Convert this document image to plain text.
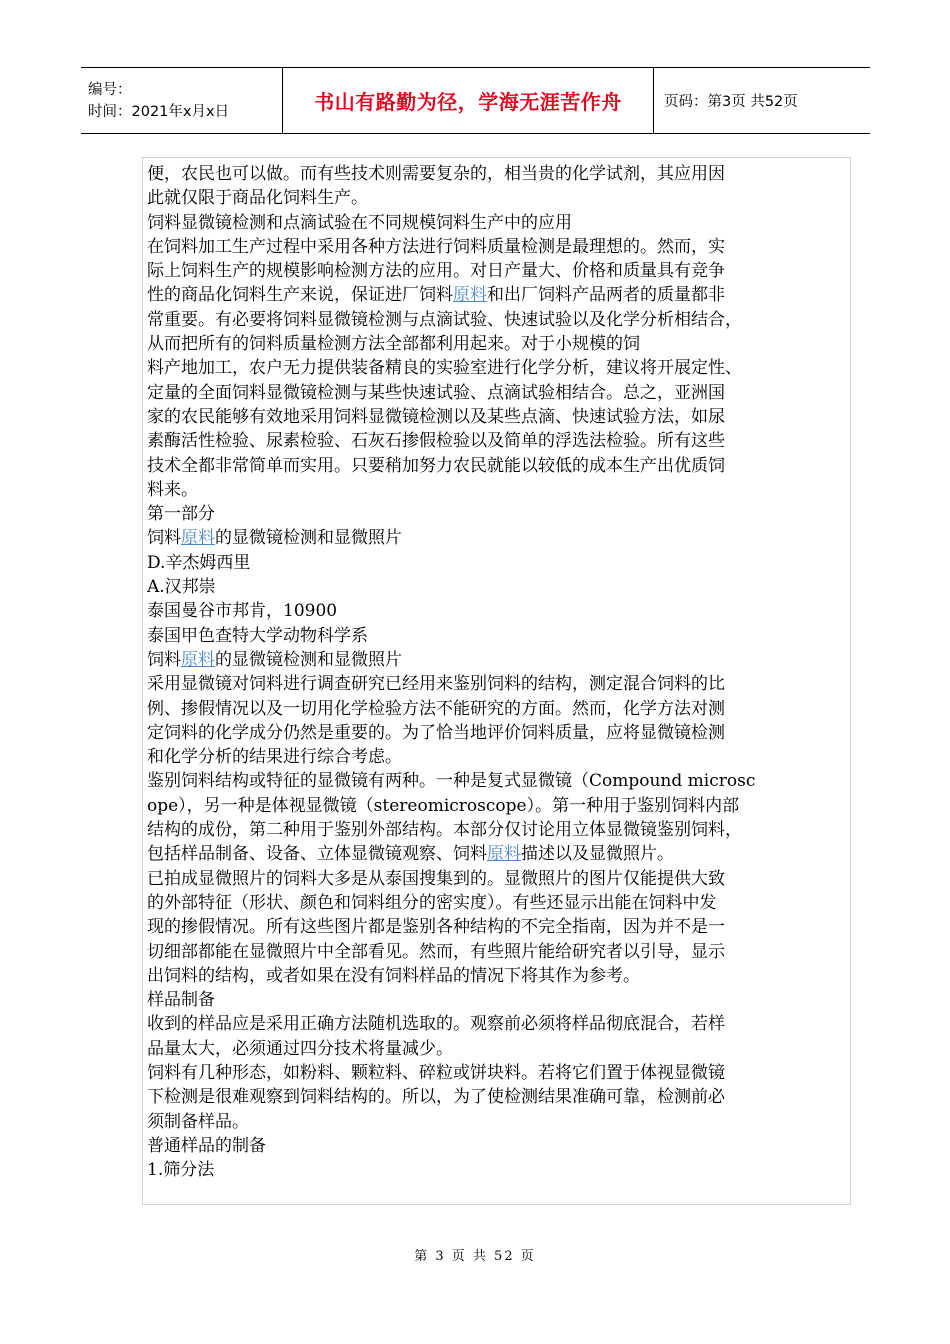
编号：
时间：2021年x月x日	书山有路勤为径，学海无涯苦作舟	页码：第3页 共52页
便，农民也可以做。而有些技术则需要复杂的，相当贵的化学试剂，其应用因
此就仅限于商品化饲料生产。
饲料显微镜检测和点滴试验在不同规模饲料生产中的应用
在饲料加工生产过程中采用各种方法进行饲料质量检测是最理想的。然而，实
际上饲料生产的规模影响检测方法的应用。对日产量大、价格和质量具有竞争
性的商品化饲料生产来说，保证进厂饲料原料和出厂饲料产品两者的质量都非
常重要。有必要将饲料显微镜检测与点滴试验、快速试验以及化学分析相结合，
从而把所有的饲料质量检测方法全部都利用起来。对于小规模的饲
料产地加工，农户无力提供装备精良的实验室进行化学分析，建议将开展定性、
定量的全面饲料显微镜检测与某些快速试验、点滴试验相结合。总之，亚洲国
家的农民能够有效地采用饲料显微镜检测以及某些点滴、快速试验方法，如尿
素酶活性检验、尿素检验、石灰石掺假检验以及简单的浮选法检验。所有这些
技术全都非常简单而实用。只要稍加努力农民就能以较低的成本生产出优质饲
料来。
第一部分
饲料原料的显微镜检测和显微照片
D.辛杰姆西里
A.汉邦崇
泰国曼谷市邦肯，10900
泰国甲色查特大学动物科学系
饲料原料的显微镜检测和显微照片
采用显微镜对饲料进行调查研究已经用来鉴别饲料的结构，测定混合饲料的比
例、掺假情况以及一切用化学检验方法不能研究的方面。然而，化学方法对测
定饲料的化学成分仍然是重要的。为了恰当地评价饲料质量，应将显微镜检测
和化学分析的结果进行综合考虑。
鉴别饲料结构或特征的显微镜有两种。一种是复式显微镜（Compound microsc
ope），另一种是体视显微镜（stereomicroscope）。第一种用于鉴别饲料内部
结构的成份，第二种用于鉴别外部结构。本部分仅讨论用立体显微镜鉴别饲料，
包括样品制备、设备、立体显微镜观察、饲料原料描述以及显微照片。
已拍成显微照片的饲料大多是从泰国搜集到的。显微照片的图片仅能提供大致
的外部特征（形状、颜色和饲料组分的密实度）。有些还显示出能在饲料中发
现的掺假情况。所有这些图片都是鉴别各种结构的不完全指南，因为并不是一
切细部都能在显微照片中全部看见。然而，有些照片能给研究者以引导，显示
出饲料的结构，或者如果在没有饲料样品的情况下将其作为参考。
样品制备
收到的样品应是采用正确方法随机选取的。观察前必须将样品彻底混合，若样
品量太大，必须通过四分技术将量减少。
饲料有几种形态，如粉料、颗粒料、碎粒或饼块料。若将它们置于体视显微镜
下检测是很难观察到饲料结构的。所以，为了使检测结果准确可靠，检测前必
须制备样品。
普通样品的制备
1.筛分法
第 3 页 共 52 页
